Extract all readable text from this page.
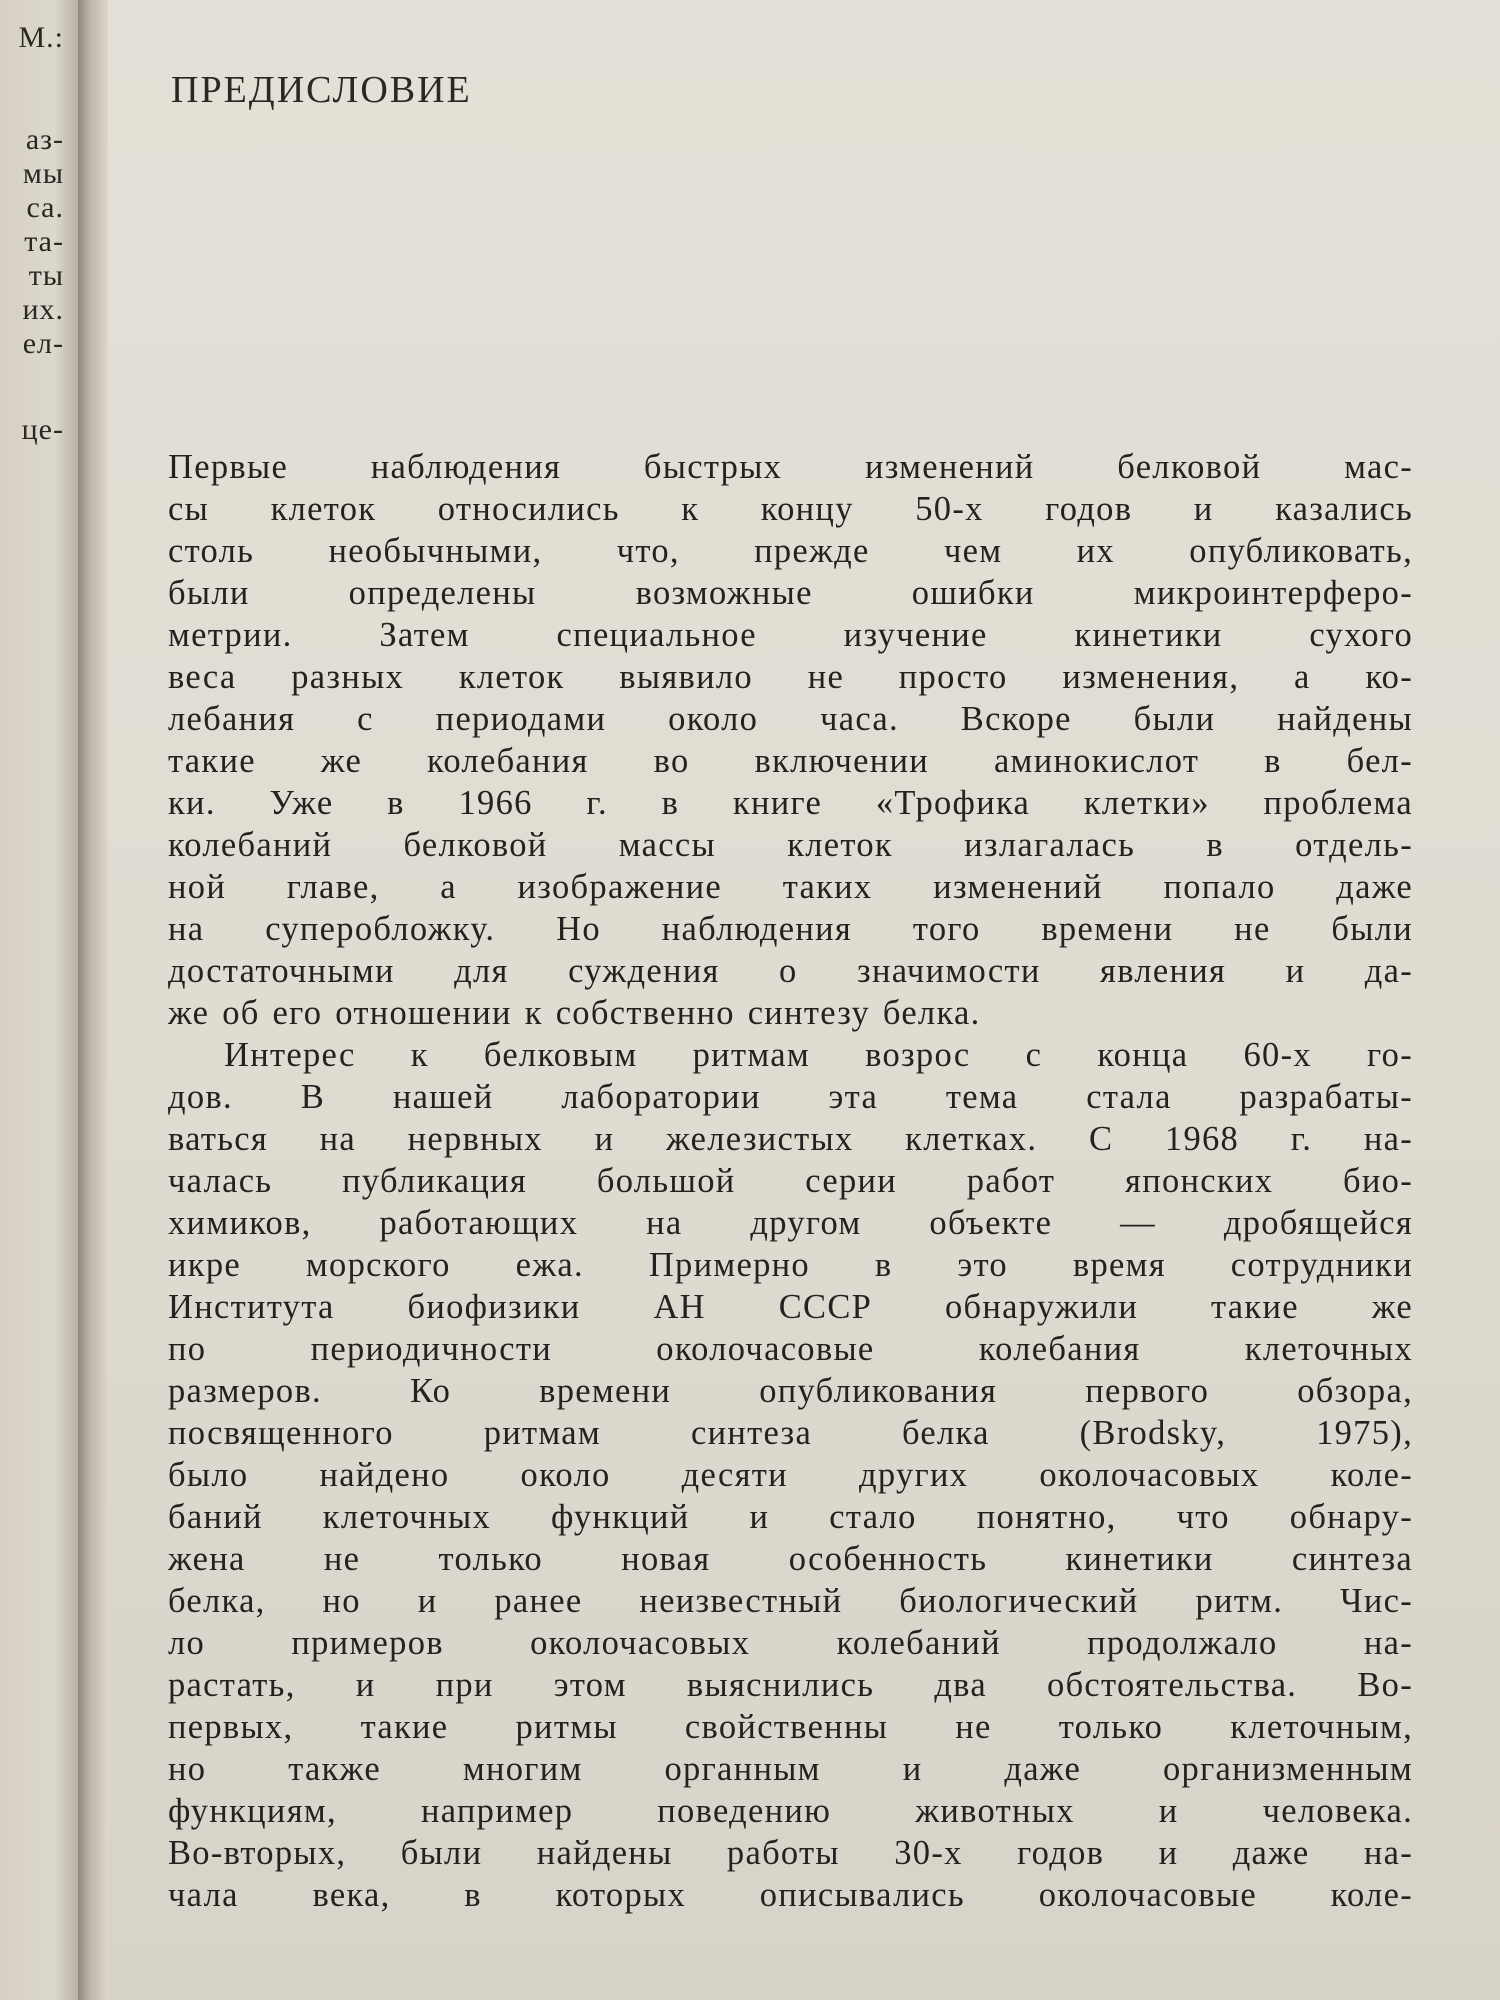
М.:
аз-
мы
са.
та-
ты
их.
ел-
це-
ПРЕДИСЛОВИЕ
Первые наблюдения быстрых изменений белковой мас-
сы клеток относились к концу 50-х годов и казались
столь необычными, что, прежде чем их опубликовать,
были определены возможные ошибки микроинтерферо-
метрии. Затем специальное изучение кинетики сухого
веса разных клеток выявило не просто изменения, а ко-
лебания с периодами около часа. Вскоре были найдены
такие же колебания во включении аминокислот в бел-
ки. Уже в 1966 г. в книге «Трофика клетки» проблема
колебаний белковой массы клеток излагалась в отдель-
ной главе, а изображение таких изменений попало даже
на суперобложку. Но наблюдения того времени не были
достаточными для суждения о значимости явления и да-
же об его отношении к собственно синтезу белка.
Интерес к белковым ритмам возрос с конца 60-х го-
дов. В нашей лаборатории эта тема стала разрабаты-
ваться на нервных и железистых клетках. С 1968 г. на-
чалась публикация большой серии работ японских био-
химиков, работающих на другом объекте — дробящейся
икре морского ежа. Примерно в это время сотрудники
Института биофизики АН СССР обнаружили такие же
по периодичности околочасовые колебания клеточных
размеров. Ко времени опубликования первого обзора,
посвященного ритмам синтеза белка (Brodsky, 1975),
было найдено около десяти других околочасовых коле-
баний клеточных функций и стало понятно, что обнару-
жена не только новая особенность кинетики синтеза
белка, но и ранее неизвестный биологический ритм. Чис-
ло примеров околочасовых колебаний продолжало на-
растать, и при этом выяснились два обстоятельства. Во-
первых, такие ритмы свойственны не только клеточным,
но также многим органным и даже организменным
функциям, например поведению животных и человека.
Во-вторых, были найдены работы 30-х годов и даже на-
чала века, в которых описывались околочасовые коле-
